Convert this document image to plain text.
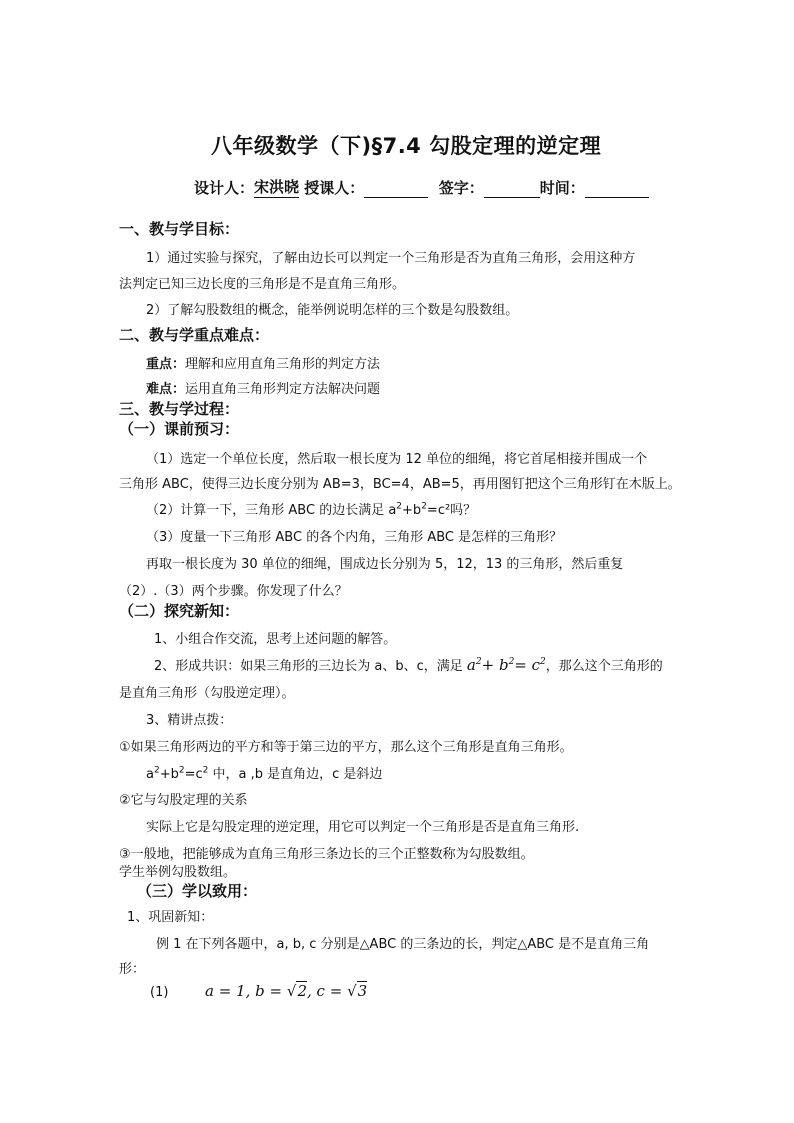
八年级数学（下)§7.4 勾股定理的逆定理
设计人：宋洪晓 授课人：	签字：	时间：
一、教与学目标：
1）通过实验与探究，了解由边长可以判定一个三角形是否为直角三角形，会用这种方
法判定已知三边长度的三角形是不是直角三角形。
2）了解勾股数组的概念，能举例说明怎样的三个数是勾股数组。
二、教与学重点难点：
重点：理解和应用直角三角形的判定方法
难点：运用直角三角形判定方法解决问题
三、教与学过程：
（一）课前预习：
（1）选定一个单位长度，然后取一根长度为 12 单位的细绳，将它首尾相接并围成一个
三角形 ABC，使得三边长度分别为 AB=3，BC=4，AB=5，再用图钉把这个三角形钉在木版上。
（2）计算一下，三角形 ABC 的边长满足 $a^2+b^2=c^2$吗？
（3）度量一下三角形 ABC 的各个内角，三角形 ABC 是怎样的三角形？
再取一根长度为 30 单位的细绳，围成边长分别为 5，12，13 的三角形，然后重复
（2）.（3）两个步骤。你发现了什么？
（二）探究新知：
1、小组合作交流，思考上述问题的解答。
2、形成共识：如果三角形的三边长为 a、b、c，满足 $a^2+ b^2= c^2$，那么这个三角形的
是直角三角形（勾股逆定理）。
3、精讲点拨：
①如果三角形两边的平方和等于第三边的平方，那么这个三角形是直角三角形。
$a^2+b^2=c^2$ 中，a ,b 是直角边，c 是斜边
②它与勾股定理的关系
实际上它是勾股定理的逆定理，用它可以判定一个三角形是否是直角三角形.
③一般地，把能够成为直角三角形三条边长的三个正整数称为勾股数组。
学生举例勾股数组。
（三）学以致用：
1、巩固新知：
例 1 在下列各题中，a, b, c 分别是△ABC 的三条边的长，判定△ABC 是不是直角三角
形：
(1) a = 1, b = √2, c = √3
